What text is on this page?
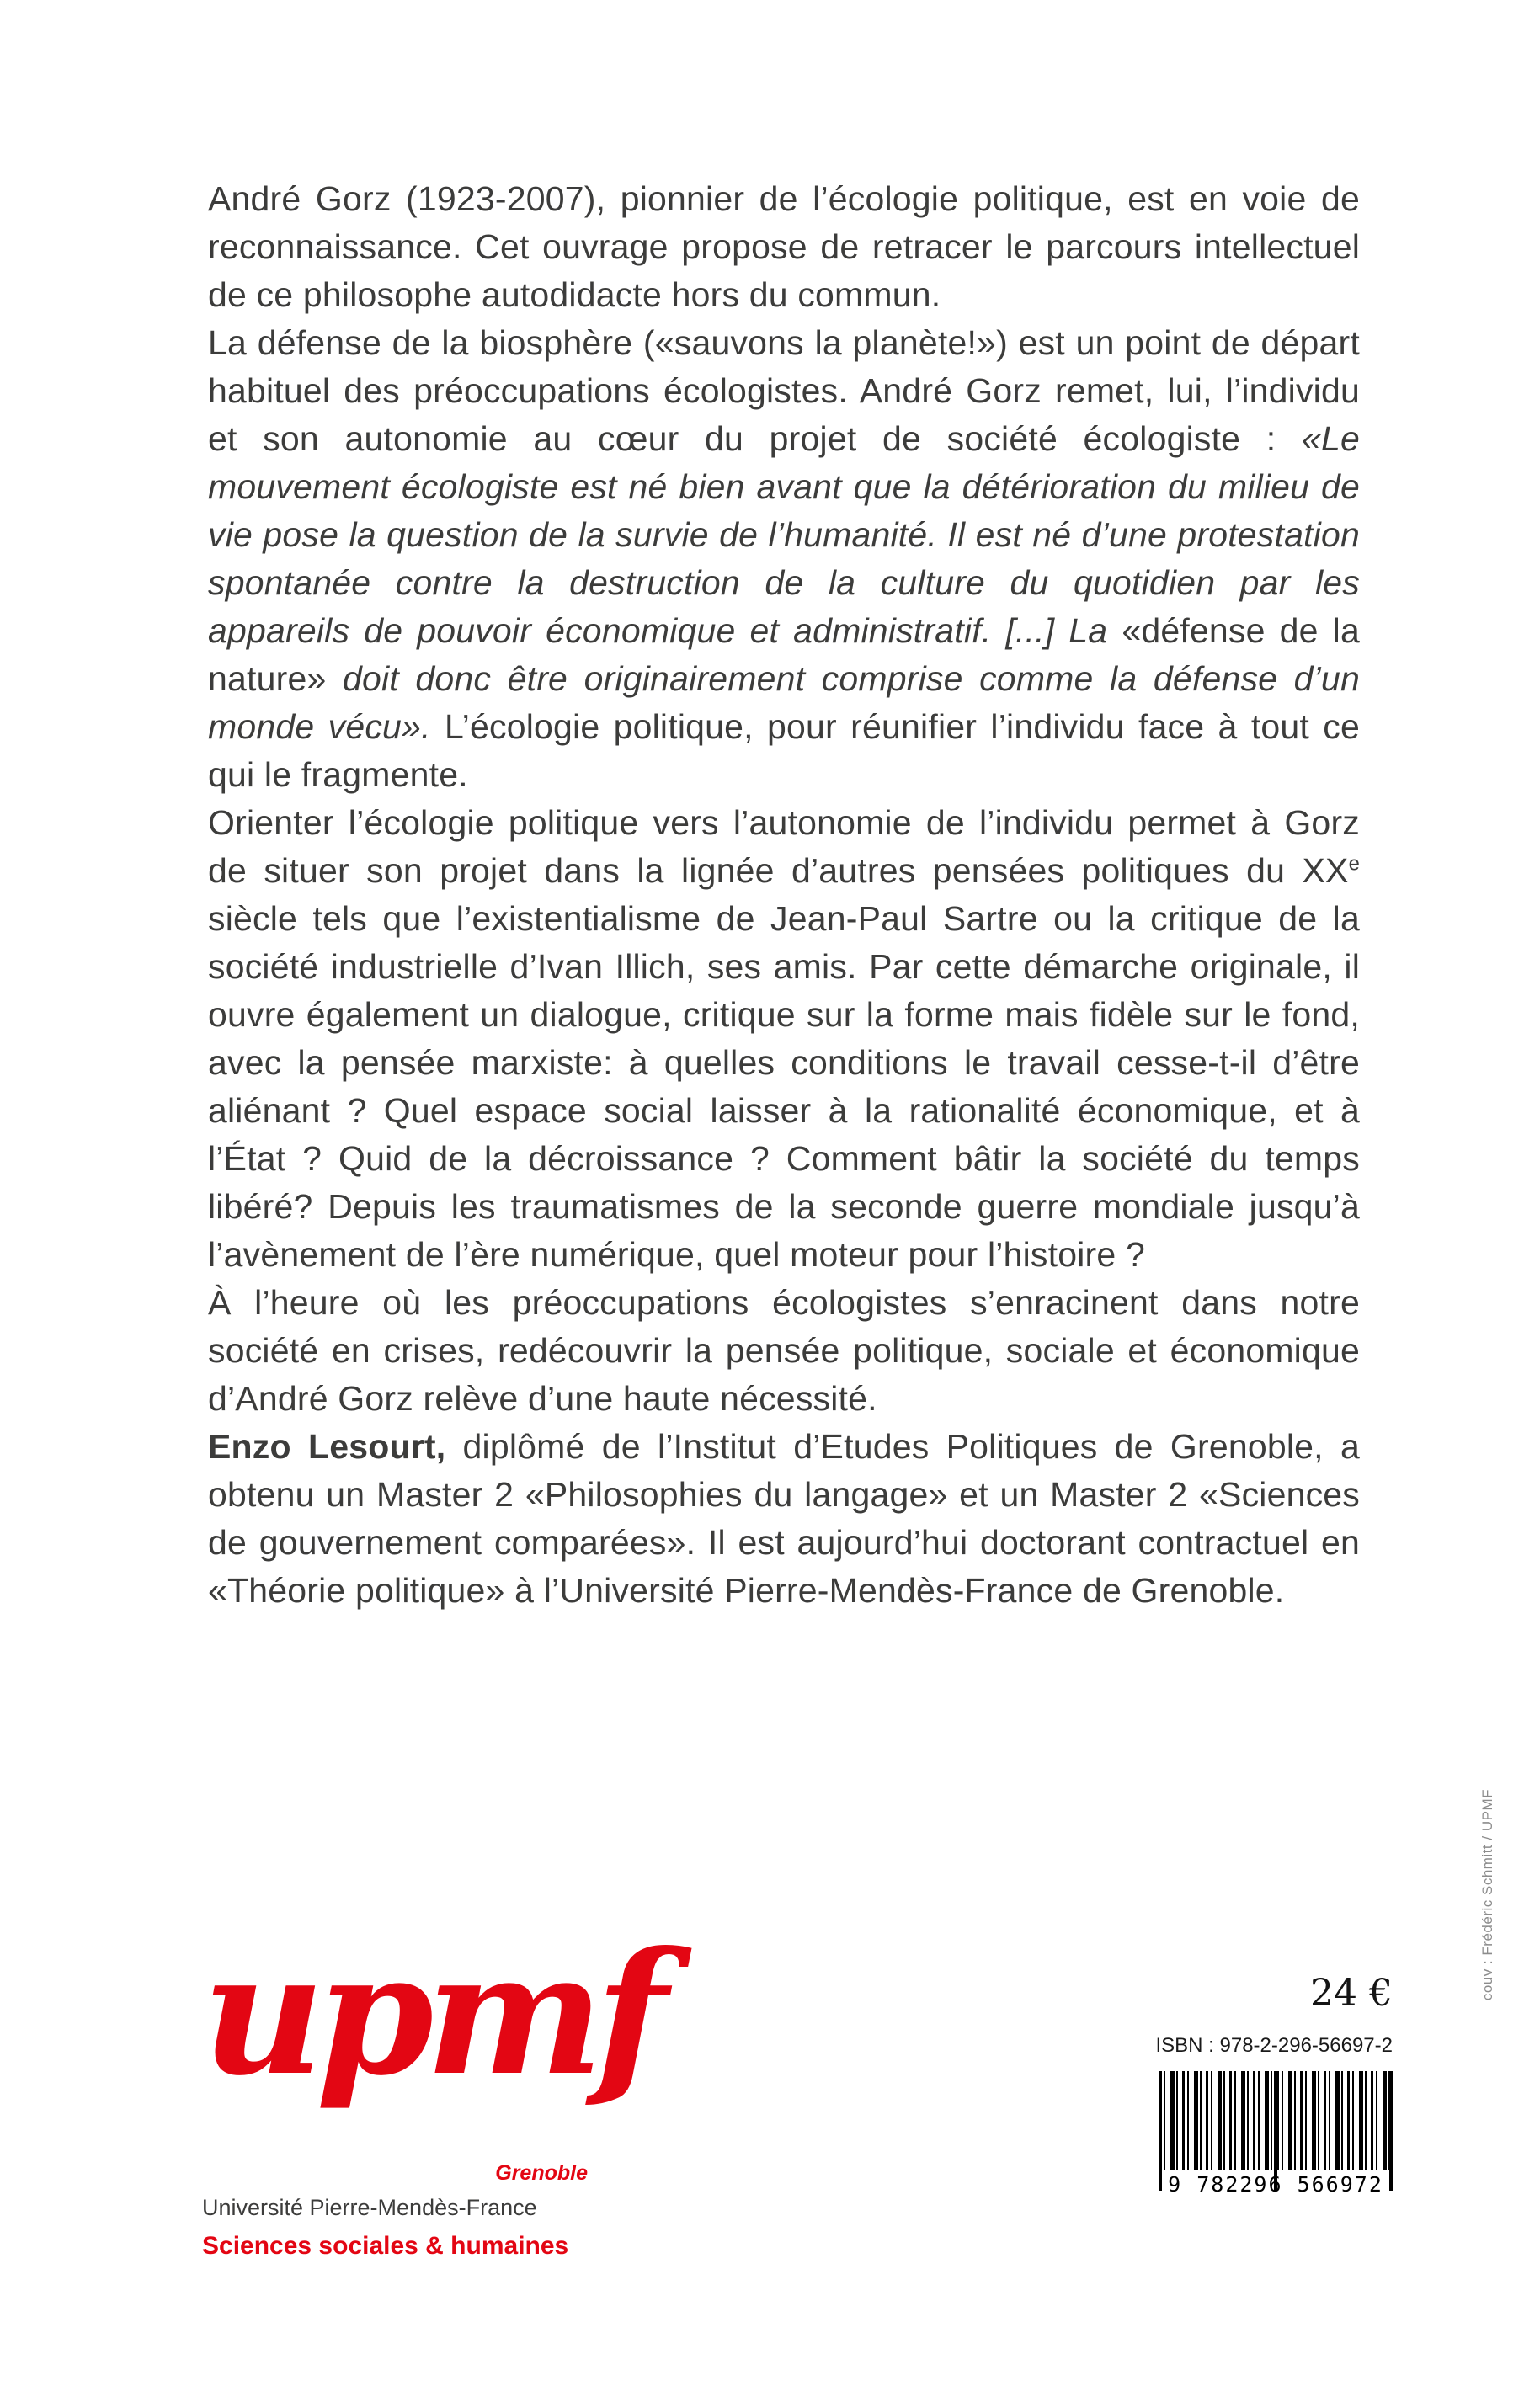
André Gorz (1923-2007), pionnier de l’écologie politique, est en voie de reconnaissance. Cet ouvrage propose de retracer le parcours intellectuel de ce philosophe autodidacte hors du commun.

La défense de la biosphère («sauvons la planète!») est un point de départ habituel des préoccupations écologistes. André Gorz remet, lui, l’individu et son autonomie au cœur du projet de société écologiste : «Le mouvement écologiste est né bien avant que la détérioration du milieu de vie pose la question de la survie de l’humanité. Il est né d’une protestation spontanée contre la destruction de la culture du quotidien par les appareils de pouvoir économique et administratif. [...] La «défense de la nature» doit donc être originairement comprise comme la défense d’un monde vécu». L’écologie politique, pour réunifier l’individu face à tout ce qui le fragmente.

Orienter l’écologie politique vers l’autonomie de l’individu permet à Gorz de situer son projet dans la lignée d’autres pensées politiques du XXe siècle tels que l’existentialisme de Jean-Paul Sartre ou la critique de la société industrielle d’Ivan Illich, ses amis. Par cette démarche originale, il ouvre également un dialogue, critique sur la forme mais fidèle sur le fond, avec la pensée marxiste: à quelles conditions le travail cesse-t-il d’être aliénant ? Quel espace social laisser à la rationalité économique, et à l’État ? Quid de la décroissance ? Comment bâtir la société du temps libéré? Depuis les traumatismes de la seconde guerre mondiale jusqu’à l’avènement de l’ère numérique, quel moteur pour l’histoire ?

À l’heure où les préoccupations écologistes s’enracinent dans notre société en crises, redécouvrir la pensée politique, sociale et économique d’André Gorz relève d’une haute nécessité.

Enzo Lesourt, diplômé de l’Institut d’Etudes Politiques de Grenoble, a obtenu un Master 2 «Philosophies du langage» et un Master 2 «Sciences de gouvernement comparées». Il est aujourd’hui doctorant contractuel en «Théorie politique» à l’Université Pierre-Mendès-France de Grenoble.

upmf
Grenoble
Université Pierre-Mendès-France
Sciences sociales & humaines
24 €
ISBN : 978-2-296-56697-2
9 782296 566972
couv : Frédéric Schmitt / UPMF
